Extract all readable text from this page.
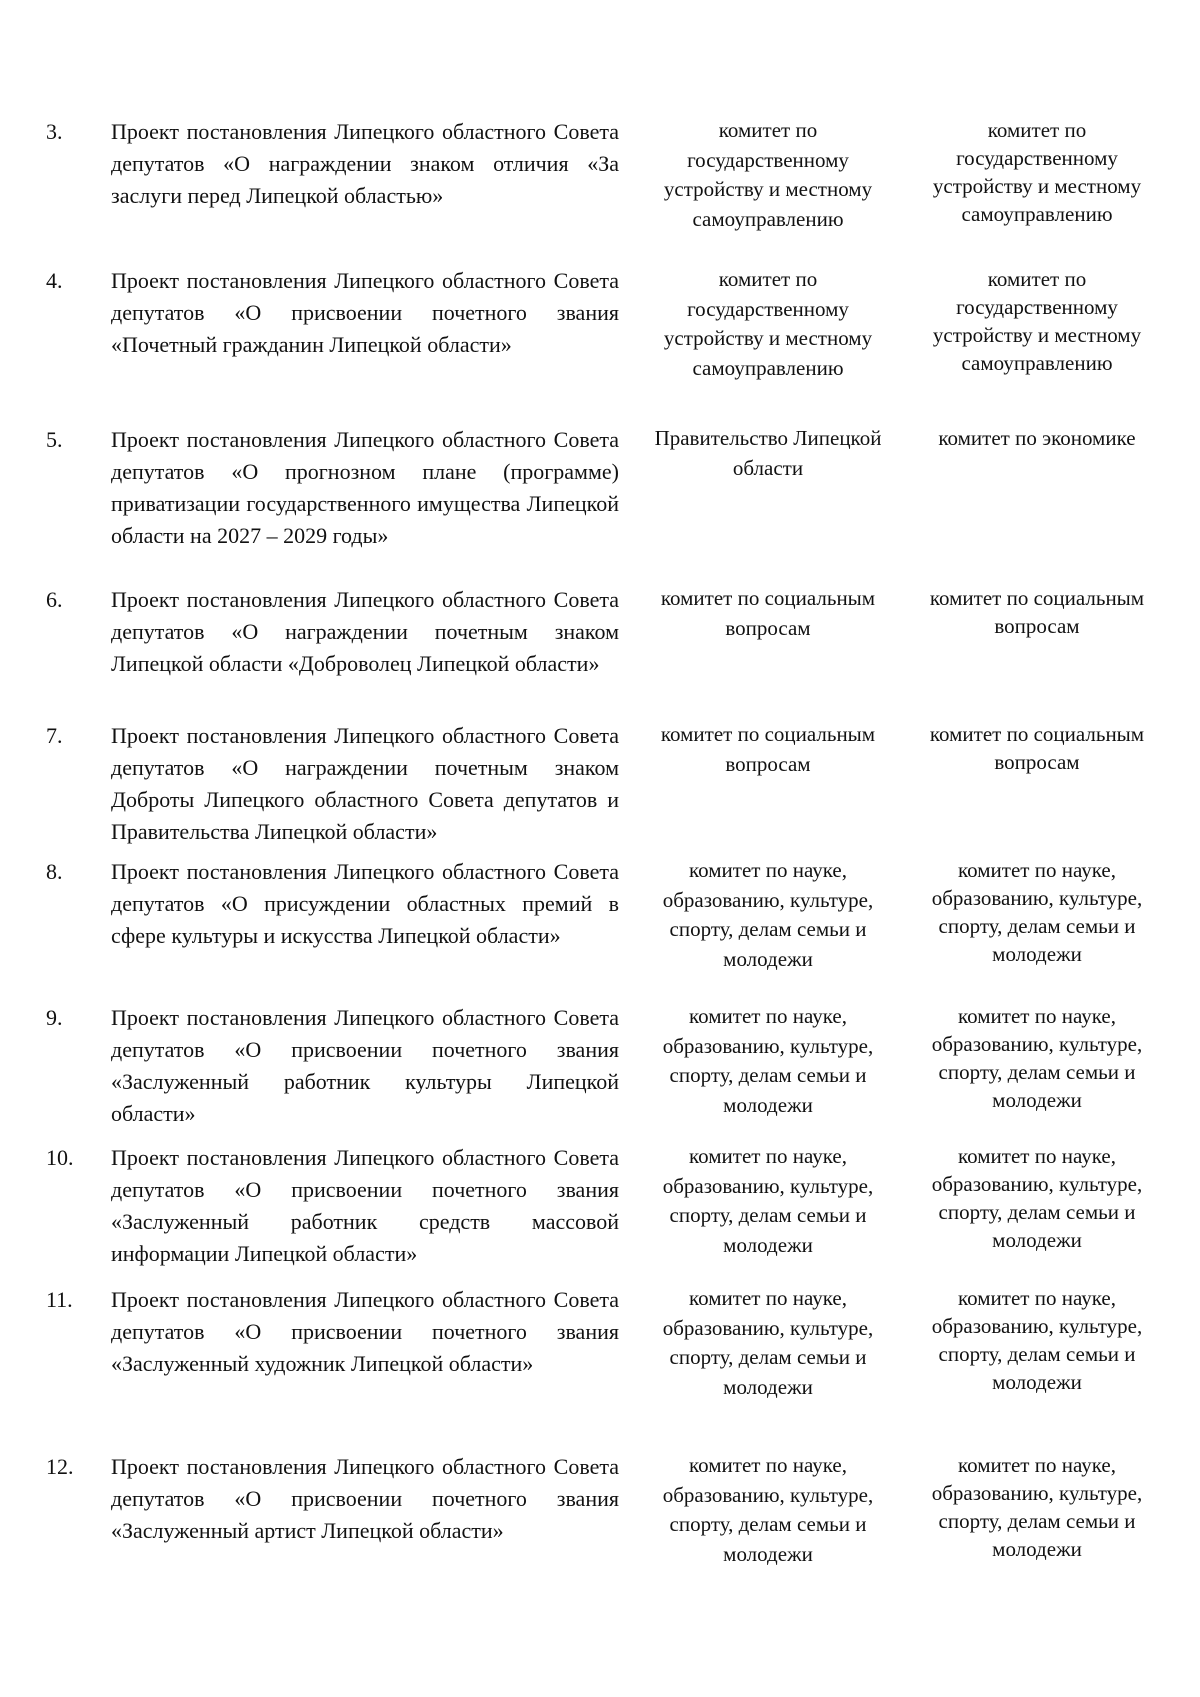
3. Проект постановления Липецкого областного Совета депутатов «О награждении знаком отличия «За заслуги перед Липецкой областью»
комитет по государственному устройству и местному самоуправлению
комитет по государственному устройству и местному самоуправлению
4. Проект постановления Липецкого областного Совета депутатов «О присвоении почетного звания «Почетный гражданин Липецкой области»
комитет по государственному устройству и местному самоуправлению
комитет по государственному устройству и местному самоуправлению
5. Проект постановления Липецкого областного Совета депутатов «О прогнозном плане (программе) приватизации государственного имущества Липецкой области на 2027 – 2029 годы»
Правительство Липецкой области
комитет по экономике
6. Проект постановления Липецкого областного Совета депутатов «О награждении почетным знаком Липецкой области «Доброволец Липецкой области»
комитет по социальным вопросам
комитет по социальным вопросам
7. Проект постановления Липецкого областного Совета депутатов «О награждении почетным знаком Доброты Липецкого областного Совета депутатов и Правительства Липецкой области»
комитет по социальным вопросам
комитет по социальным вопросам
8. Проект постановления Липецкого областного Совета депутатов «О присуждении областных премий в сфере культуры и искусства Липецкой области»
комитет по науке, образованию, культуре, спорту, делам семьи и молодежи
комитет по науке, образованию, культуре, спорту, делам семьи и молодежи
9. Проект постановления Липецкого областного Совета депутатов «О присвоении почетного звания «Заслуженный работник культуры Липецкой области»
комитет по науке, образованию, культуре, спорту, делам семьи и молодежи
комитет по науке, образованию, культуре, спорту, делам семьи и молодежи
10. Проект постановления Липецкого областного Совета депутатов «О присвоении почетного звания «Заслуженный работник средств массовой информации Липецкой области»
комитет по науке, образованию, культуре, спорту, делам семьи и молодежи
комитет по науке, образованию, культуре, спорту, делам семьи и молодежи
11. Проект постановления Липецкого областного Совета депутатов «О присвоении почетного звания «Заслуженный художник Липецкой области»
комитет по науке, образованию, культуре, спорту, делам семьи и молодежи
комитет по науке, образованию, культуре, спорту, делам семьи и молодежи
12. Проект постановления Липецкого областного Совета депутатов «О присвоении почетного звания «Заслуженный артист Липецкой области»
комитет по науке, образованию, культуре, спорту, делам семьи и молодежи
комитет по науке, образованию, культуре, спорту, делам семьи и молодежи
